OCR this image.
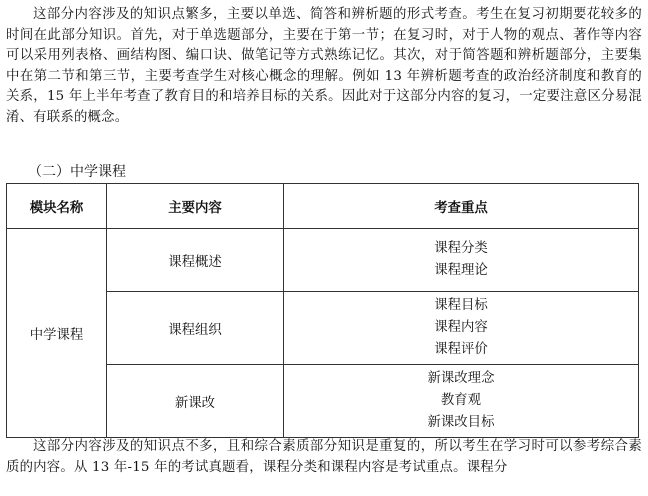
这部分内容涉及的知识点繁多，主要以单选、简答和辨析题的形式考查。考生在复习初期要花较多的时间在此部分知识。首先，对于单选题部分，主要在于第一节；在复习时，对于人物的观点、著作等内容可以采用列表格、画结构图、编口诀、做笔记等方式熟练记忆。其次，对于简答题和辨析题部分，主要集中在第二节和第三节，主要考查学生对核心概念的理解。例如 13 年辨析题考查的政治经济制度和教育的关系，15 年上半年考查了教育目的和培养目标的关系。因此对于这部分内容的复习，一定要注意区分易混淆、有联系的概念。

（二）中学课程

模块名称	主要内容	考查重点
中学课程	课程概述	课程分类
课程理论

	课程组织	课程目标
课程内容
课程评价

	新课改	新课改理念
教育观
新课改目标

这部分内容涉及的知识点不多，且和综合素质部分知识是重复的，所以考生在学习时可以参考综合素质的内容。从 13 年-15 年的考试真题看，课程分类和课程内容是考试重点。课程分
